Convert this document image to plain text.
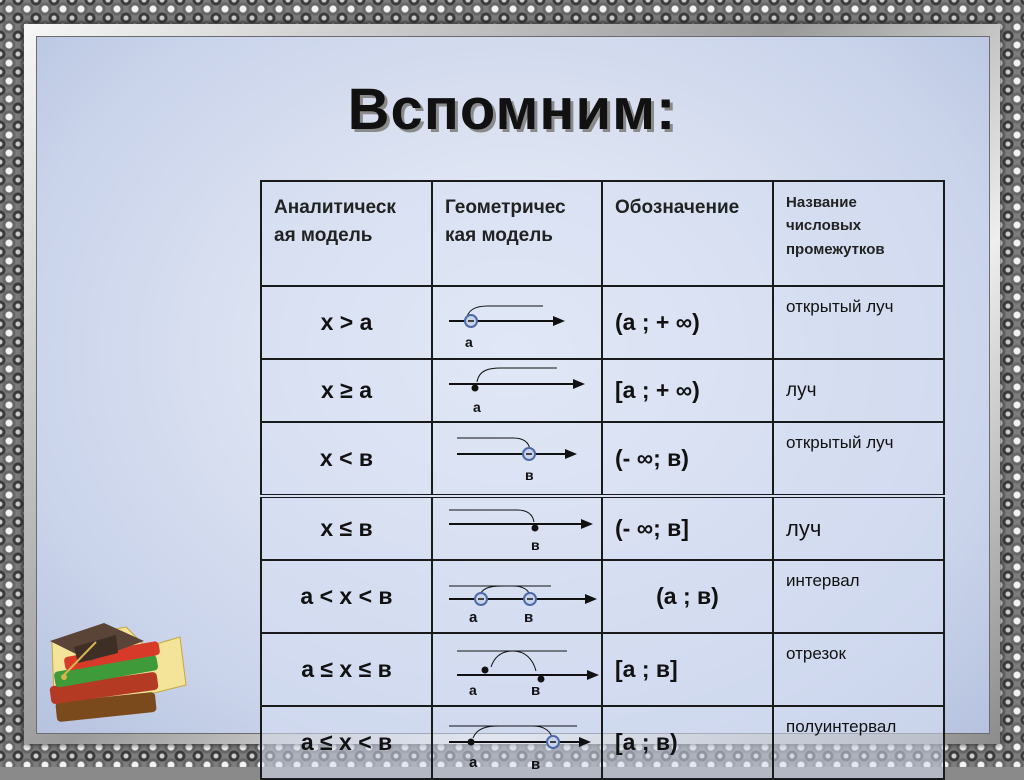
Вспомним:
Аналитическ ая модель	Геометричес кая модель	Обозначение	Название числовых промежутков
x > a	а	(а ; + ∞)	открытый луч
x ≥ a	а	[а ; + ∞)	луч
x < в	в	(- ∞; в)	открытый луч
x ≤ в	в	(- ∞; в]	луч
a < x < в	а в	(а ; в)	интервал
а ≤ x ≤ в	а в	[а ; в]	отрезок
а ≤ x < в	а в	[а ; в)	полуинтервал
